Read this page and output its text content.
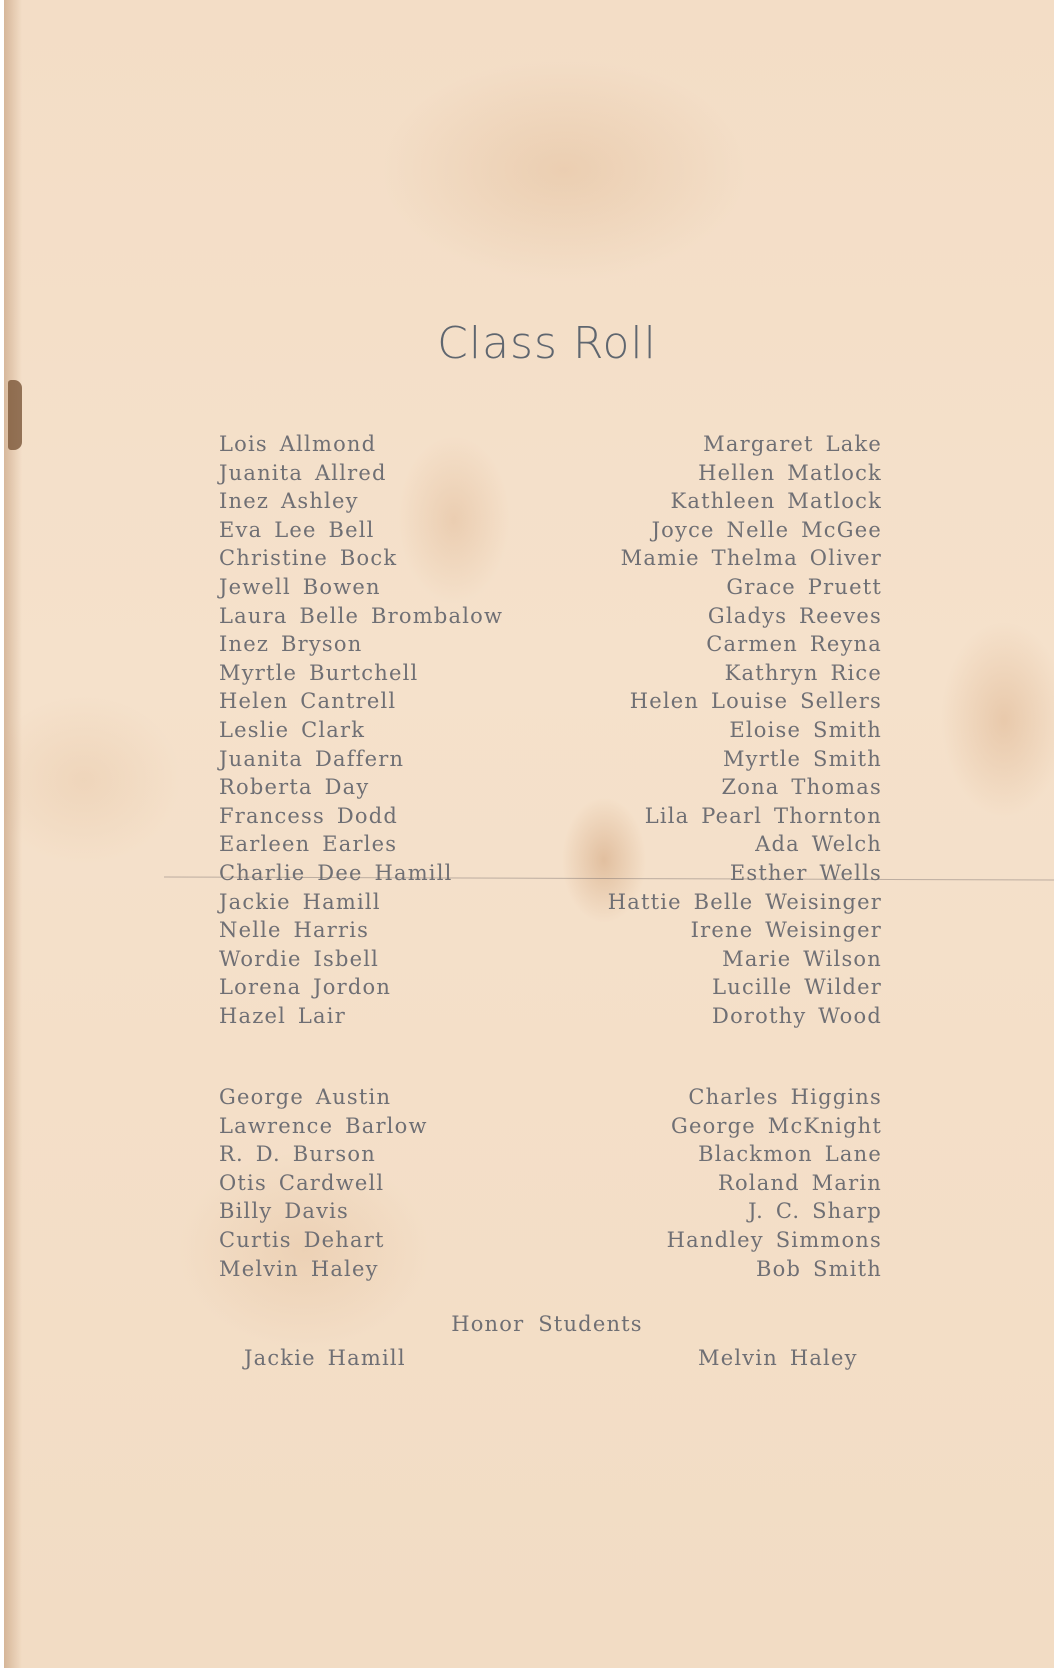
Class Roll
Lois Allmond
Juanita Allred
Inez Ashley
Eva Lee Bell
Christine Bock
Jewell Bowen
Laura Belle Brombalow
Inez Bryson
Myrtle Burtchell
Helen Cantrell
Leslie Clark
Juanita Daffern
Roberta Day
Francess Dodd
Earleen Earles
Charlie Dee Hamill
Jackie Hamill
Nelle Harris
Wordie Isbell
Lorena Jordon
Hazel Lair
Margaret Lake
Hellen Matlock
Kathleen Matlock
Joyce Nelle McGee
Mamie Thelma Oliver
Grace Pruett
Gladys Reeves
Carmen Reyna
Kathryn Rice
Helen Louise Sellers
Eloise Smith
Myrtle Smith
Zona Thomas
Lila Pearl Thornton
Ada Welch
Esther Wells
Hattie Belle Weisinger
Irene Weisinger
Marie Wilson
Lucille Wilder
Dorothy Wood
George Austin
Lawrence Barlow
R. D. Burson
Otis Cardwell
Billy Davis
Curtis Dehart
Melvin Haley
Charles Higgins
George McKnight
Blackmon Lane
Roland Marin
J. C. Sharp
Handley Simmons
Bob Smith
Honor Students
Jackie Hamill	Melvin Haley
